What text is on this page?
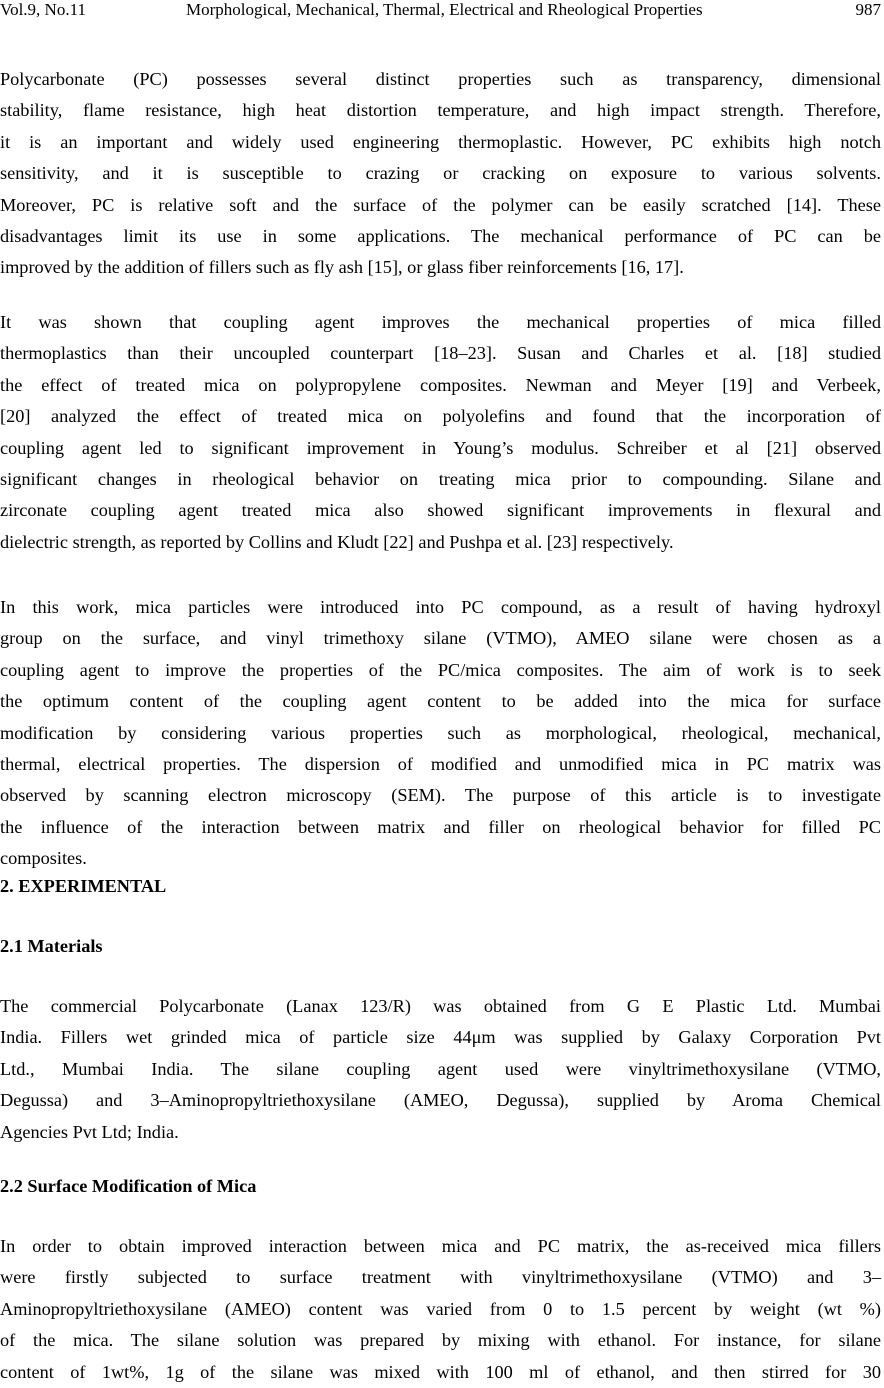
Vol.9, No.11	Morphological, Mechanical, Thermal, Electrical and Rheological Properties	987
Polycarbonate (PC) possesses several distinct properties such as transparency, dimensional
stability, flame resistance, high heat distortion temperature, and high impact strength. Therefore,
it is an important and widely used engineering thermoplastic. However, PC exhibits high notch
sensitivity, and it is susceptible to crazing or cracking on exposure to various solvents.
Moreover, PC is relative soft and the surface of the polymer can be easily scratched [14]. These
disadvantages limit its use in some applications. The mechanical performance of PC can be
improved by the addition of fillers such as fly ash [15], or glass fiber reinforcements [16, 17].
It was shown that coupling agent improves the mechanical properties of mica filled
thermoplastics than their uncoupled counterpart [18–23]. Susan and Charles et al. [18] studied
the effect of treated mica on polypropylene composites. Newman and Meyer [19] and Verbeek,
[20] analyzed the effect of treated mica on polyolefins and found that the incorporation of
coupling agent led to significant improvement in Young’s modulus. Schreiber et al [21] observed
significant changes in rheological behavior on treating mica prior to compounding. Silane and
zirconate coupling agent treated mica also showed significant improvements in flexural and
dielectric strength, as reported by Collins and Kludt [22] and Pushpa et al. [23] respectively.
In this work, mica particles were introduced into PC compound, as a result of having hydroxyl
group on the surface, and vinyl trimethoxy silane (VTMO), AMEO silane were chosen as a
coupling agent to improve the properties of the PC/mica composites. The aim of work is to seek
the optimum content of the coupling agent content to be added into the mica for surface
modification by considering various properties such as morphological, rheological, mechanical,
thermal, electrical properties. The dispersion of modified and unmodified mica in PC matrix was
observed by scanning electron microscopy (SEM). The purpose of this article is to investigate
the influence of the interaction between matrix and filler on rheological behavior for filled PC
composites.
2. EXPERIMENTAL
2.1 Materials
The commercial Polycarbonate (Lanax 123/R) was obtained from G E Plastic Ltd. Mumbai
India. Fillers wet grinded mica of particle size 44μm was supplied by Galaxy Corporation Pvt
Ltd., Mumbai India. The silane coupling agent used were vinyltrimethoxysilane (VTMO,
Degussa) and 3–Aminopropyltriethoxysilane (AMEO, Degussa), supplied by Aroma Chemical
Agencies Pvt Ltd; India.
2.2 Surface Modification of Mica
In order to obtain improved interaction between mica and PC matrix, the as-received mica fillers
were firstly subjected to surface treatment with vinyltrimethoxysilane (VTMO) and 3–
Aminopropyltriethoxysilane (AMEO) content was varied from 0 to 1.5 percent by weight (wt %)
of the mica. The silane solution was prepared by mixing with ethanol. For instance, for silane
content of 1wt%, 1g of the silane was mixed with 100 ml of ethanol, and then stirred for 30
